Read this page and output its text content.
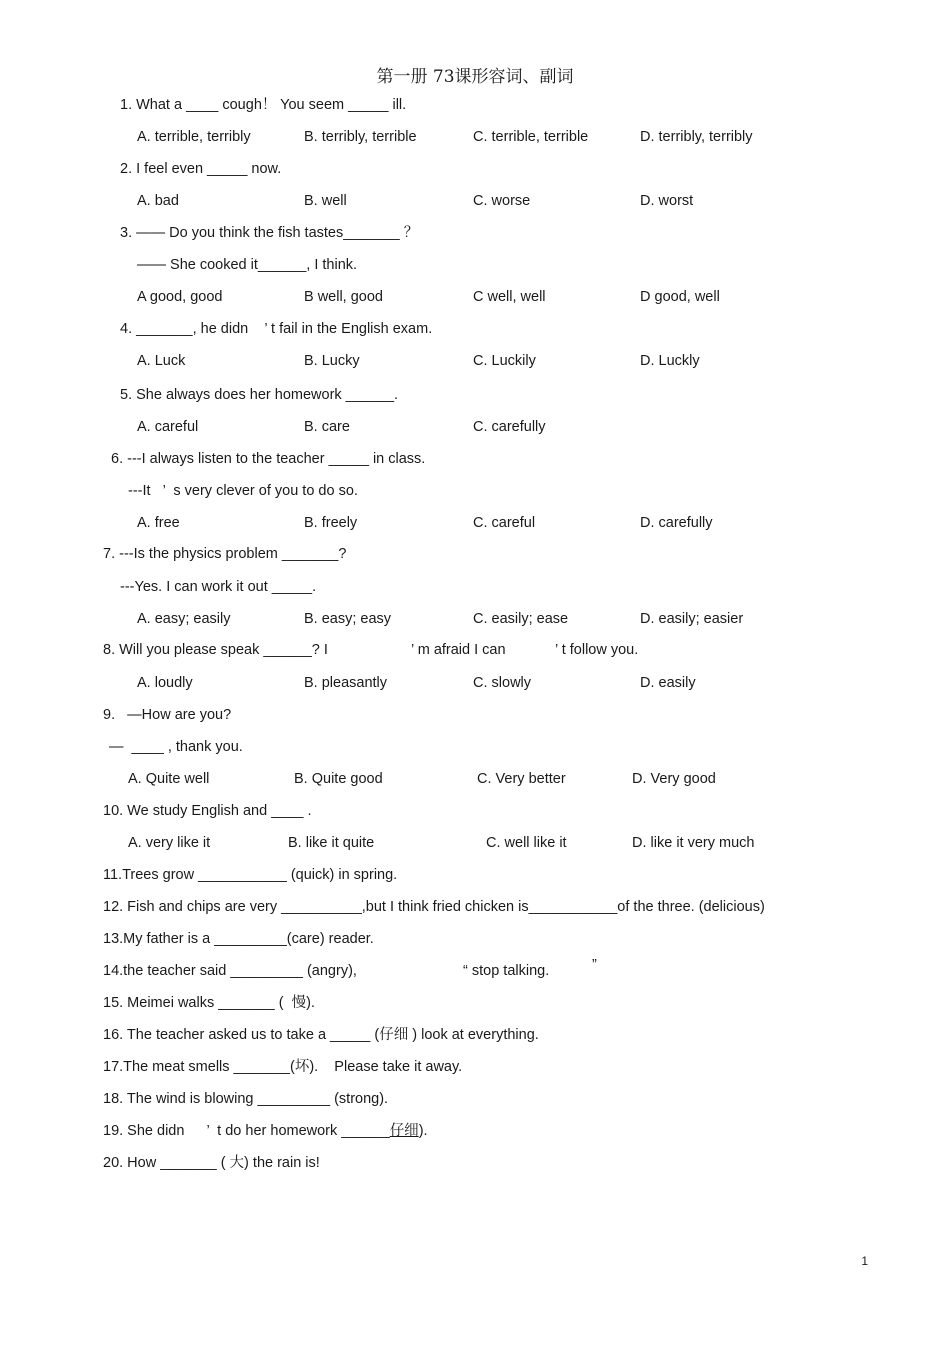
第一册 73课形容词、副词
1. What a ____ cough！ You seem _____ ill.
A. terrible, terribly	B. terribly, terrible	C. terrible, terrible	D. terribly, terribly
2. I feel even _____ now.
A. bad	B. well	C. worse	D. worst
3. —— Do you think the fish tastes_______ ？
—— She cooked it______, I think.
A good, good	B well, good	C well, well	D good, well
4. _______, he didn    ’ t fail in the English exam.
A. Luck	B. Lucky	C. Luckily	D. Luckly
5. She always does her homework ______.
A. careful	B. care	C. carefully
6. ---I always listen to the teacher _____ in class.
---It   ’  s very clever of you to do so.
A. free	B. freely	C. careful	D. carefully
7. ---Is the physics problem _______?
---Yes. I can work it out _____.
A. easy; easily	B. easy; easy	C. easily; ease	D. easily; easier
8. Will you please speak ______? I	’ m afraid I can	’ t follow you.
A. loudly	B. pleasantly	C. slowly	D. easily
9.   —How are you?
—  ____ , thank you.
A. Quite well	B. Quite good	C. Very better	D. Very good
10. We study English and ____ .
A. very like it	B. like it quite	C. well like it	D. like it very much
11.Trees grow ___________ (quick) in spring.
12. Fish and chips are very __________,but I think fried chicken is___________of the three. (delicious)
13.My father is a _________(care) reader.
14.the teacher said _________ (angry),	“ stop talking.	”
15. Meimei walks _______ (  慢).
16. The teacher asked us to take a _____ (仔细 ) look at everything.
17.The meat smells _______(坏).    Please take it away.
18. The wind is blowing _________ (strong).
19. She didn ’  t do her homework ______仔细).
20. How _______ ( 大) the rain is!
1
